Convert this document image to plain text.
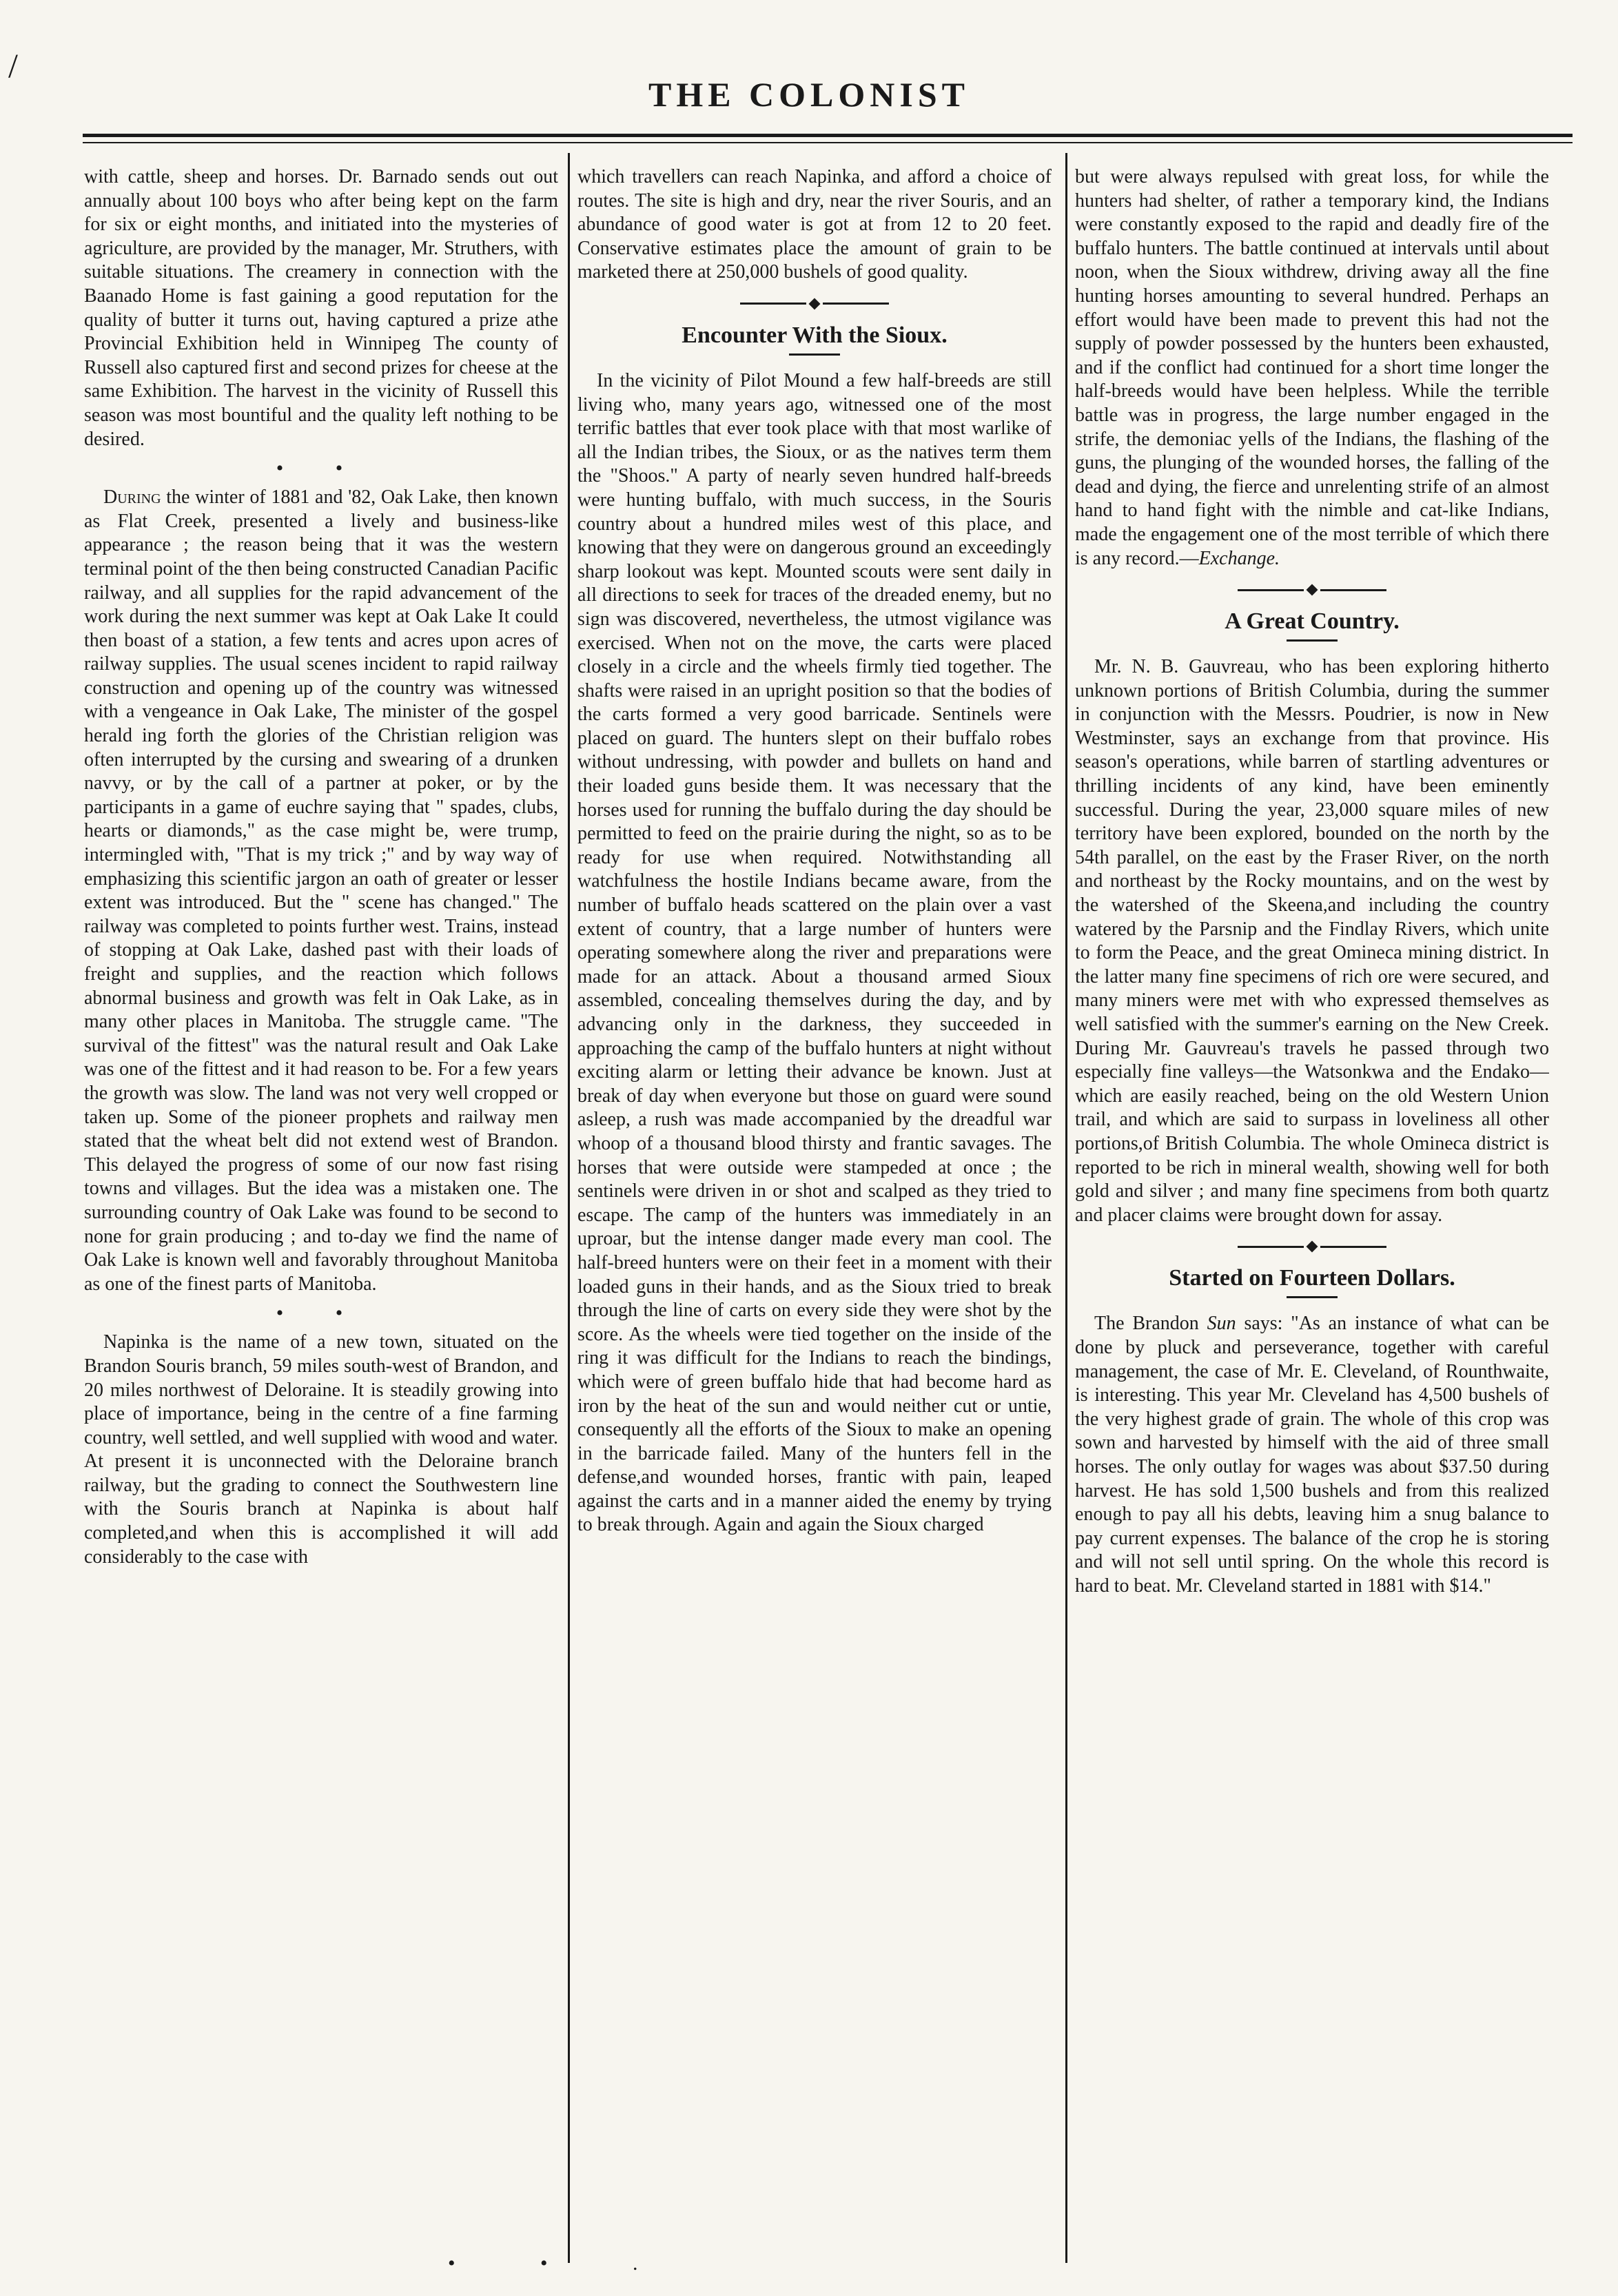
/
THE COLONIST

with cattle, sheep and horses. Dr. Barnado sends out out annually about 100 boys who after being kept on the farm for six or eight months, and initiated into the mysteries of agriculture, are provided by the manager, Mr. Struthers, with suitable situations. The creamery in connection with the Baanado Home is fast gaining a good reputation for the quality of butter it turns out, having captured a prize athe Provincial Exhibition held in Winnipeg The county of Russell also captured first and second prizes for cheese at the same Exhibition. The harvest in the vicinity of Russell this season was most bountiful and the quality left nothing to be desired.

• •

During the winter of 1881 and '82, Oak Lake, then known as Flat Creek, presented a lively and business-like appearance ; the reason being that it was the western terminal point of the then being constructed Canadian Pacific railway, and all supplies for the rapid advancement of the work during the next summer was kept at Oak Lake It could then boast of a station, a few tents and acres upon acres of railway supplies. The usual scenes incident to rapid railway construction and opening up of the country was witnessed with a vengeance in Oak Lake, The minister of the gospel herald ing forth the glories of the Christian religion was often interrupted by the cursing and swearing of a drunken navvy, or by the call of a partner at poker, or by the participants in a game of euchre saying that " spades, clubs, hearts or diamonds," as the case might be, were trump, intermingled with, "That is my trick ;" and by way way of emphasizing this scientific jargon an oath of greater or lesser extent was introduced. But the " scene has changed." The railway was completed to points further west. Trains, instead of stopping at Oak Lake, dashed past with their loads of freight and supplies, and the reaction which follows abnormal business and growth was felt in Oak Lake, as in many other places in Manitoba. The struggle came. "The survival of the fittest" was the natural result and Oak Lake was one of the fittest and it had reason to be. For a few years the growth was slow. The land was not very well cropped or taken up. Some of the pioneer prophets and railway men stated that the wheat belt did not extend west of Brandon. This delayed the progress of some of our now fast rising towns and villages. But the idea was a mistaken one. The surrounding country of Oak Lake was found to be second to none for grain producing ; and to-day we find the name of Oak Lake is known well and favorably throughout Manitoba as one of the finest parts of Manitoba.

• •

Napinka is the name of a new town, situated on the Brandon Souris branch, 59 miles south-west of Brandon, and 20 miles northwest of Deloraine. It is steadily growing into place of importance, being in the centre of a fine farming country, well settled, and well supplied with wood and water. At present it is unconnected with the Deloraine branch railway, but the grading to connect the Southwestern line with the Souris branch at Napinka is about half completed,and when this is accomplished it will add considerably to the case with

which travellers can reach Napinka, and afford a choice of routes. The site is high and dry, near the river Souris, and an abundance of good water is got at from 12 to 20 feet. Conservative estimates place the amount of grain to be marketed there at 250,000 bushels of good quality.

Encounter With the Sioux.

In the vicinity of Pilot Mound a few half-breeds are still living who, many years ago, witnessed one of the most terrific battles that ever took place with that most warlike of all the Indian tribes, the Sioux, or as the natives term them the "Shoos." A party of nearly seven hundred half-breeds were hunting buffalo, with much success, in the Souris country about a hundred miles west of this place, and knowing that they were on dangerous ground an exceedingly sharp lookout was kept. Mounted scouts were sent daily in all directions to seek for traces of the dreaded enemy, but no sign was discovered, nevertheless, the utmost vigilance was exercised. When not on the move, the carts were placed closely in a circle and the wheels firmly tied together. The shafts were raised in an upright position so that the bodies of the carts formed a very good barricade. Sentinels were placed on guard. The hunters slept on their buffalo robes without undressing, with powder and bullets on hand and their loaded guns beside them. It was necessary that the horses used for running the buffalo during the day should be permitted to feed on the prairie during the night, so as to be ready for use when required. Notwithstanding all watchfulness the hostile Indians became aware, from the number of buffalo heads scattered on the plain over a vast extent of country, that a large number of hunters were operating somewhere along the river and preparations were made for an attack. About a thousand armed Sioux assembled, concealing themselves during the day, and by advancing only in the darkness, they succeeded in approaching the camp of the buffalo hunters at night without exciting alarm or letting their advance be known. Just at break of day when everyone but those on guard were sound asleep, a rush was made accompanied by the dreadful war whoop of a thousand blood thirsty and frantic savages. The horses that were outside were stampeded at once ; the sentinels were driven in or shot and scalped as they tried to escape. The camp of the hunters was immediately in an uproar, but the intense danger made every man cool. The half-breed hunters were on their feet in a moment with their loaded guns in their hands, and as the Sioux tried to break through the line of carts on every side they were shot by the score. As the wheels were tied together on the inside of the ring it was difficult for the Indians to reach the bindings, which were of green buffalo hide that had become hard as iron by the heat of the sun and would neither cut or untie, consequently all the efforts of the Sioux to make an opening in the barricade failed. Many of the hunters fell in the defense,and wounded horses, frantic with pain, leaped against the carts and in a manner aided the enemy by trying to break through. Again and again the Sioux charged

but were always repulsed with great loss, for while the hunters had shelter, of rather a temporary kind, the Indians were constantly exposed to the rapid and deadly fire of the buffalo hunters. The battle continued at intervals until about noon, when the Sioux withdrew, driving away all the fine hunting horses amounting to several hundred. Perhaps an effort would have been made to prevent this had not the supply of powder possessed by the hunters been exhausted, and if the conflict had continued for a short time longer the half-breeds would have been helpless. While the terrible battle was in progress, the large number engaged in the strife, the demoniac yells of the Indians, the flashing of the guns, the plunging of the wounded horses, the falling of the dead and dying, the fierce and unrelenting strife of an almost hand to hand fight with the nimble and cat-like Indians, made the engagement one of the most terrible of which there is any record.—Exchange.

A Great Country.

Mr. N. B. Gauvreau, who has been exploring hitherto unknown portions of British Columbia, during the summer in conjunction with the Messrs. Poudrier, is now in New Westminster, says an exchange from that province. His season's operations, while barren of startling adventures or thrilling incidents of any kind, have been eminently successful. During the year, 23,000 square miles of new territory have been explored, bounded on the north by the 54th parallel, on the east by the Fraser River, on the north and northeast by the Rocky mountains, and on the west by the watershed of the Skeena,and including the country watered by the Parsnip and the Findlay Rivers, which unite to form the Peace, and the great Omineca mining district. In the latter many fine specimens of rich ore were secured, and many miners were met with who expressed themselves as well satisfied with the summer's earning on the New Creek. During Mr. Gauvreau's travels he passed through two especially fine valleys—the Watsonkwa and the Endako—which are easily reached, being on the old Western Union trail, and which are said to surpass in loveliness all other portions,of British Columbia. The whole Omineca district is reported to be rich in mineral wealth, showing well for both gold and silver ; and many fine specimens from both quartz and placer claims were brought down for assay.

Started on Fourteen Dollars.

The Brandon Sun says: "As an instance of what can be done by pluck and perseverance, together with careful management, the case of Mr. E. Cleveland, of Rounthwaite, is interesting. This year Mr. Cleveland has 4,500 bushels of the very highest grade of grain. The whole of this crop was sown and harvested by himself with the aid of three small horses. The only outlay for wages was about $37.50 during harvest. He has sold 1,500 bushels and from this realized enough to pay all his debts, leaving him a snug balance to pay current expenses. The balance of the crop he is storing and will not sell until spring. On the whole this record is hard to beat. Mr. Cleveland started in 1881 with $14."

• • .
